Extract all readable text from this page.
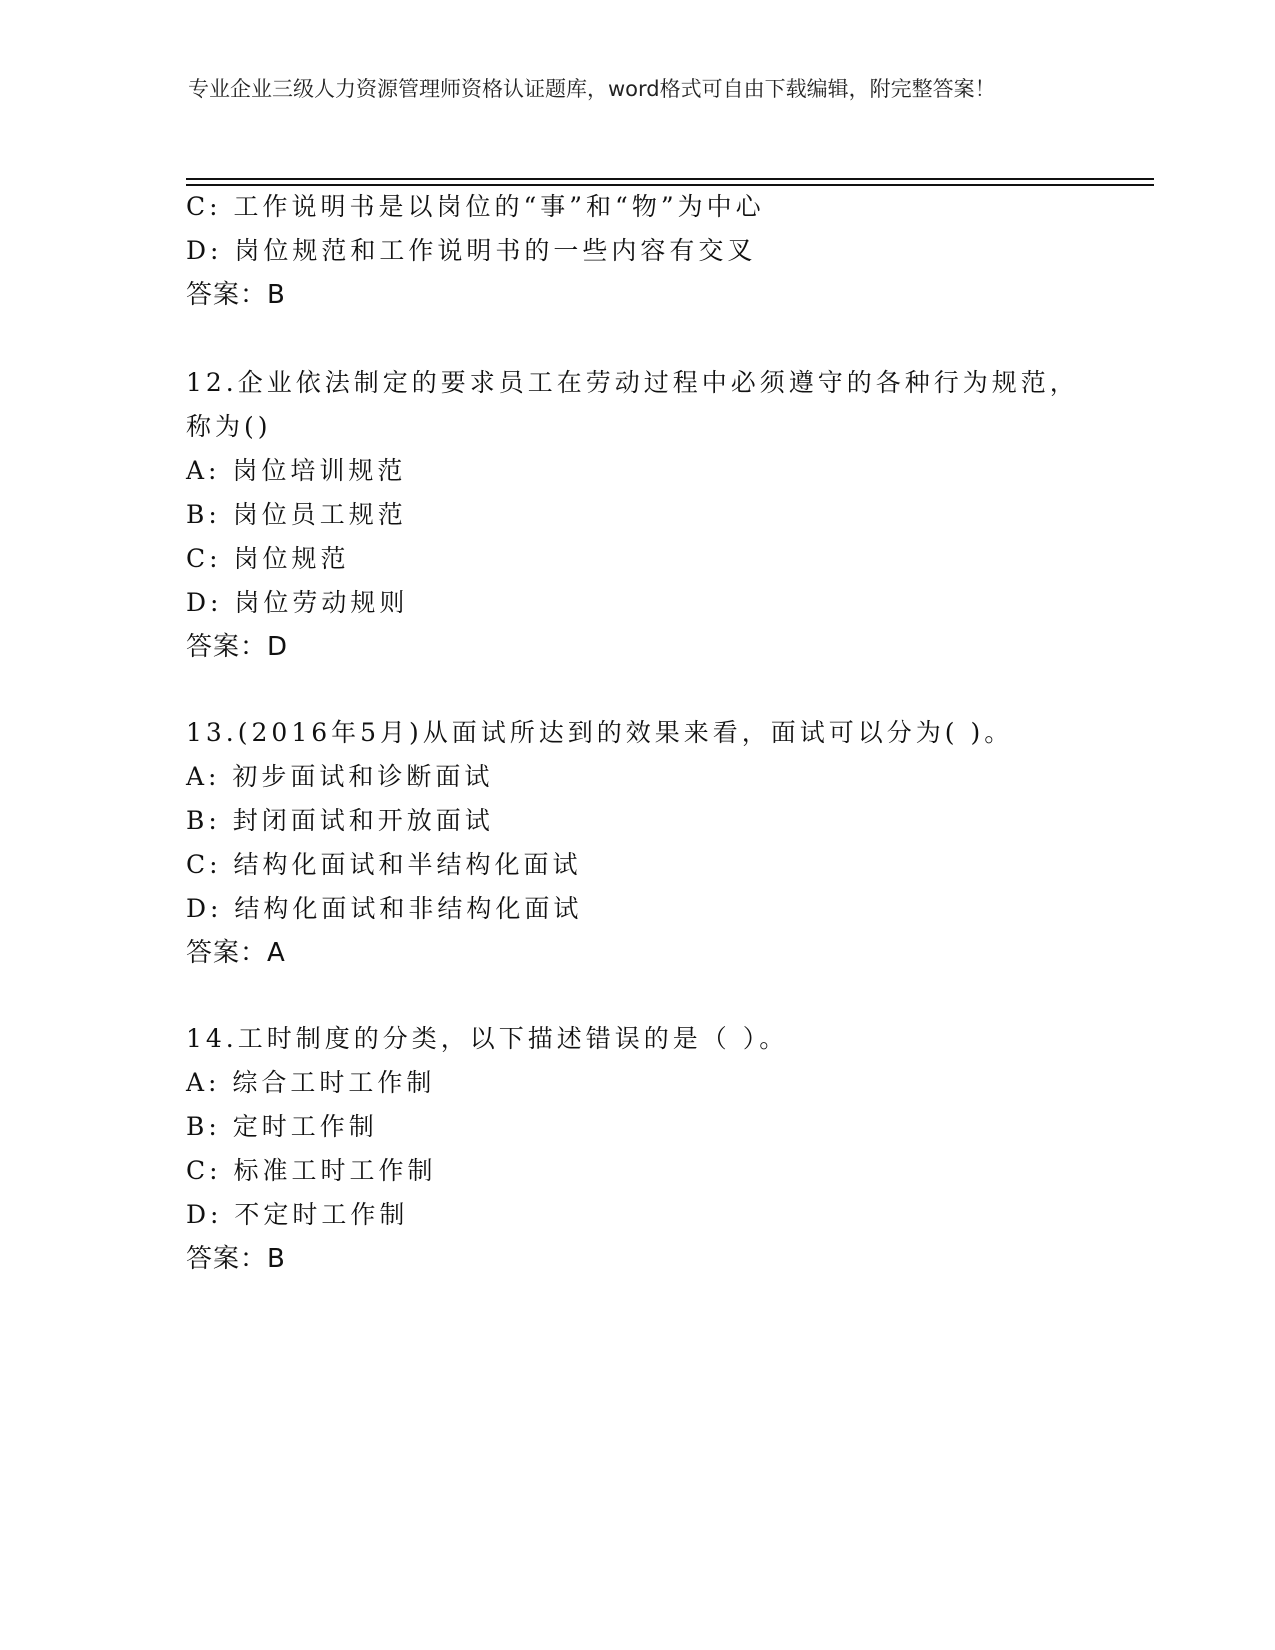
专业企业三级人力资源管理师资格认证题库，word格式可自由下载编辑，附完整答案！
C: 工作说明书是以岗位的“事”和“物”为中心
D: 岗位规范和工作说明书的一些内容有交叉
答案：B
12.企业依法制定的要求员工在劳动过程中必须遵守的各种行为规范，
称为()
A: 岗位培训规范
B: 岗位员工规范
C: 岗位规范
D: 岗位劳动规则
答案：D
13.(2016年5月)从面试所达到的效果来看，面试可以分为( )。
A: 初步面试和诊断面试
B: 封闭面试和开放面试
C: 结构化面试和半结构化面试
D: 结构化面试和非结构化面试
答案：A
14.工时制度的分类，以下描述错误的是（ ）。
A: 综合工时工作制
B: 定时工作制
C: 标准工时工作制
D: 不定时工作制
答案：B
